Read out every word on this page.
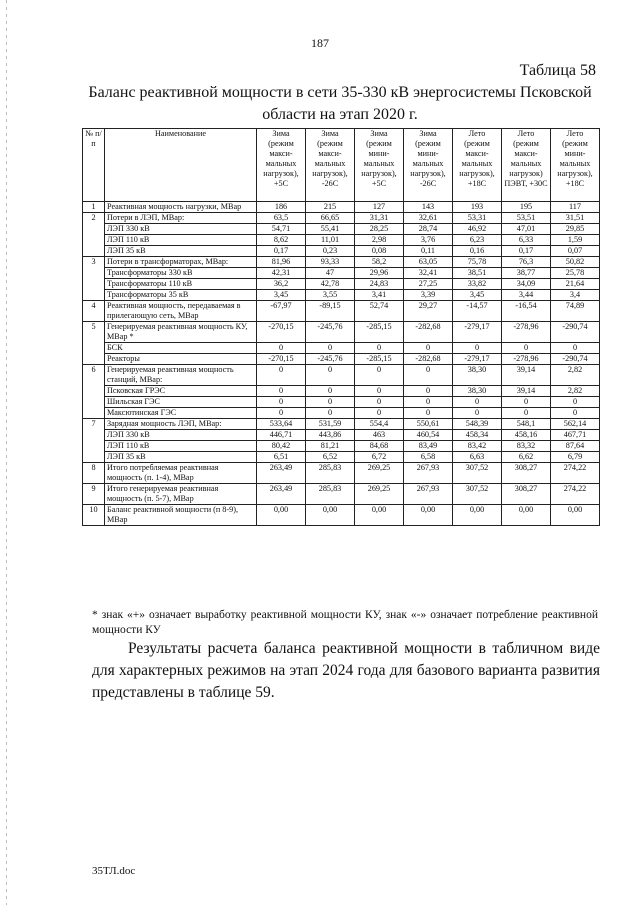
187
Таблица 58
Баланс реактивной мощности в сети 35-330 кВ энергосистемы Псковской области на этап 2020 г.
№ п/п	Наименование	Зима (режим макси-мальных нагрузок), +5С	Зима (режим макси-мальных нагрузок), -26С	Зима (режим мини-мальных нагрузок), +5С	Зима (режим мини-мальных нагрузок), -26С	Лето (режим макси-мальных нагрузок), +18С	Лето (режим макси-мальных нагрузок) ПЭВТ, +30С	Лето (режим мини-мальных нагрузок), +18С
1	Реактивная мощность нагрузки, МВар	186	215	127	143	193	195	117
2	Потери в ЛЭП, МВар:	63,5	66,65	31,31	32,61	53,31	53,51	31,51
	ЛЭП 330 кВ	54,71	55,41	28,25	28,74	46,92	47,01	29,85
	ЛЭП 110 кВ	8,62	11,01	2,98	3,76	6,23	6,33	1,59
	ЛЭП 35 кВ	0,17	0,23	0,08	0,11	0,16	0,17	0,07
3	Потери в трансформаторах, МВар:	81,96	93,33	58,2	63,05	75,78	76,3	50,82
	Трансформаторы 330 кВ	42,31	47	29,96	32,41	38,51	38,77	25,78
	Трансформаторы 110 кВ	36,2	42,78	24,83	27,25	33,82	34,09	21,64
	Трансформаторы 35 кВ	3,45	3,55	3,41	3,39	3,45	3,44	3,4
4	Реактивная мощность, передаваемая в прилегающую сеть, МВар	-67,97	-89,15	52,74	29,27	-14,57	-16,54	74,89
5	Генерируемая реактивная мощность КУ, МВар *	-270,15	-245,76	-285,15	-282,68	-279,17	-278,96	-290,74
	БСК	0	0	0	0	0	0	0
	Реакторы	-270,15	-245,76	-285,15	-282,68	-279,17	-278,96	-290,74
6	Генерируемая реактивная мощность станций, МВар:	0	0	0	0	38,30	39,14	2,82
	Псковская ГРЭС	0	0	0	0	38,30	39,14	2,82
	Шильская ГЭС	0	0	0	0	0	0	0
	Максютинская ГЭС	0	0	0	0	0	0	0
7	Зарядная мощность ЛЭП, МВар:	533,64	531,59	554,4	550,61	548,39	548,1	562,14
	ЛЭП 330 кВ	446,71	443,86	463	460,54	458,34	458,16	467,71
	ЛЭП 110 кВ	80,42	81,21	84,68	83,49	83,42	83,32	87,64
	ЛЭП 35 кВ	6,51	6,52	6,72	6,58	6,63	6,62	6,79
8	Итого потребляемая реактивная мощность (п. 1-4), МВар	263,49	285,83	269,25	267,93	307,52	308,27	274,22
9	Итого генерируемая реактивная мощность (п. 5-7), МВар	263,49	285,83	269,25	267,93	307,52	308,27	274,22
10	Баланс реактивной мощности (п 8-9), МВар	0,00	0,00	0,00	0,00	0,00	0,00	0,00
* знак «+» означает выработку реактивной мощности КУ, знак «-» означает потребление реактивной мощности КУ
Результаты расчета баланса реактивной мощности в табличном виде для характерных режимов на этап 2024 года для базового варианта развития представлены в таблице 59.
35ТЛ.doc
